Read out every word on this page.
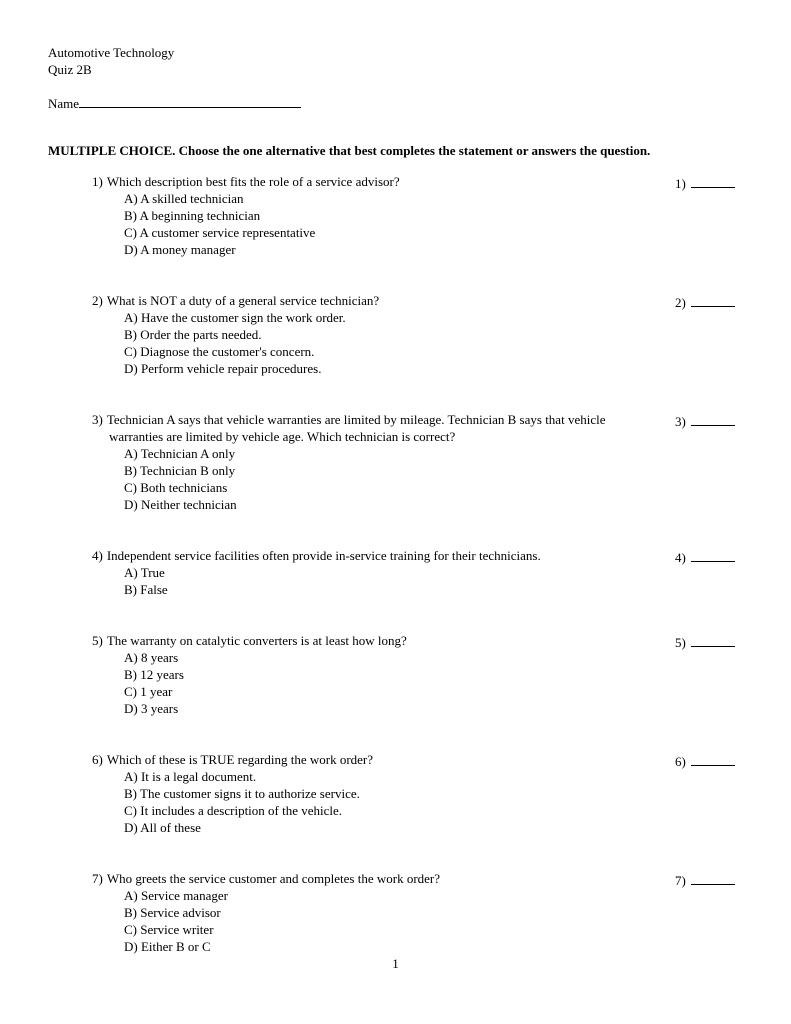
Automotive Technology
Quiz 2B
Name
MULTIPLE CHOICE. Choose the one alternative that best completes the statement or answers the question.
1) Which description best fits the role of a service advisor?
A) A skilled technician
B) A beginning technician
C) A customer service representative
D) A money manager
1)
2) What is NOT a duty of a general service technician?
A) Have the customer sign the work order.
B) Order the parts needed.
C) Diagnose the customer's concern.
D) Perform vehicle repair procedures.
2)
3) Technician A says that vehicle warranties are limited by mileage. Technician B says that vehicle warranties are limited by vehicle age. Which technician is correct?
A) Technician A only
B) Technician B only
C) Both technicians
D) Neither technician
3)
4) Independent service facilities often provide in-service training for their technicians.
A) True
B) False
4)
5) The warranty on catalytic converters is at least how long?
A) 8 years
B) 12 years
C) 1 year
D) 3 years
5)
6) Which of these is TRUE regarding the work order?
A) It is a legal document.
B) The customer signs it to authorize service.
C) It includes a description of the vehicle.
D) All of these
6)
7) Who greets the service customer and completes the work order?
A) Service manager
B) Service advisor
C) Service writer
D) Either B or C
7)
1
